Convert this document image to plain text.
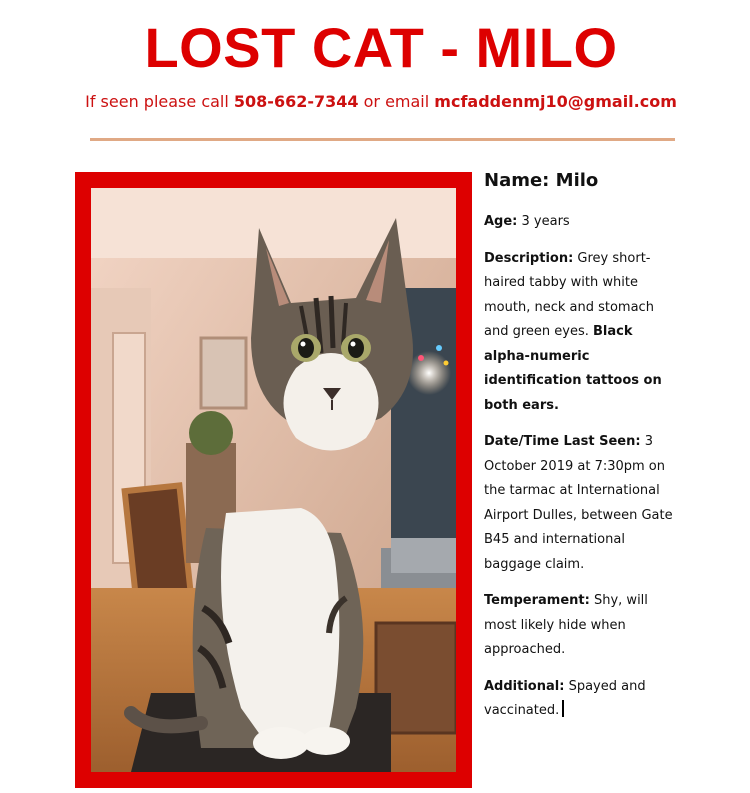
LOST CAT - MILO
If seen please call 508-662-7344 or email mcfaddenmj10@gmail.com
Name: Milo

Age: 3 years

Description: Grey short-haired tabby with white mouth, neck and stomach and green eyes. Black alpha-numeric identification tattoos on both ears.

Date/Time Last Seen: 3 October 2019 at 7:30pm on the tarmac at International Airport Dulles, between Gate B45 and international baggage claim.

Temperament: Shy, will most likely hide when approached.

Additional: Spayed and vaccinated.
